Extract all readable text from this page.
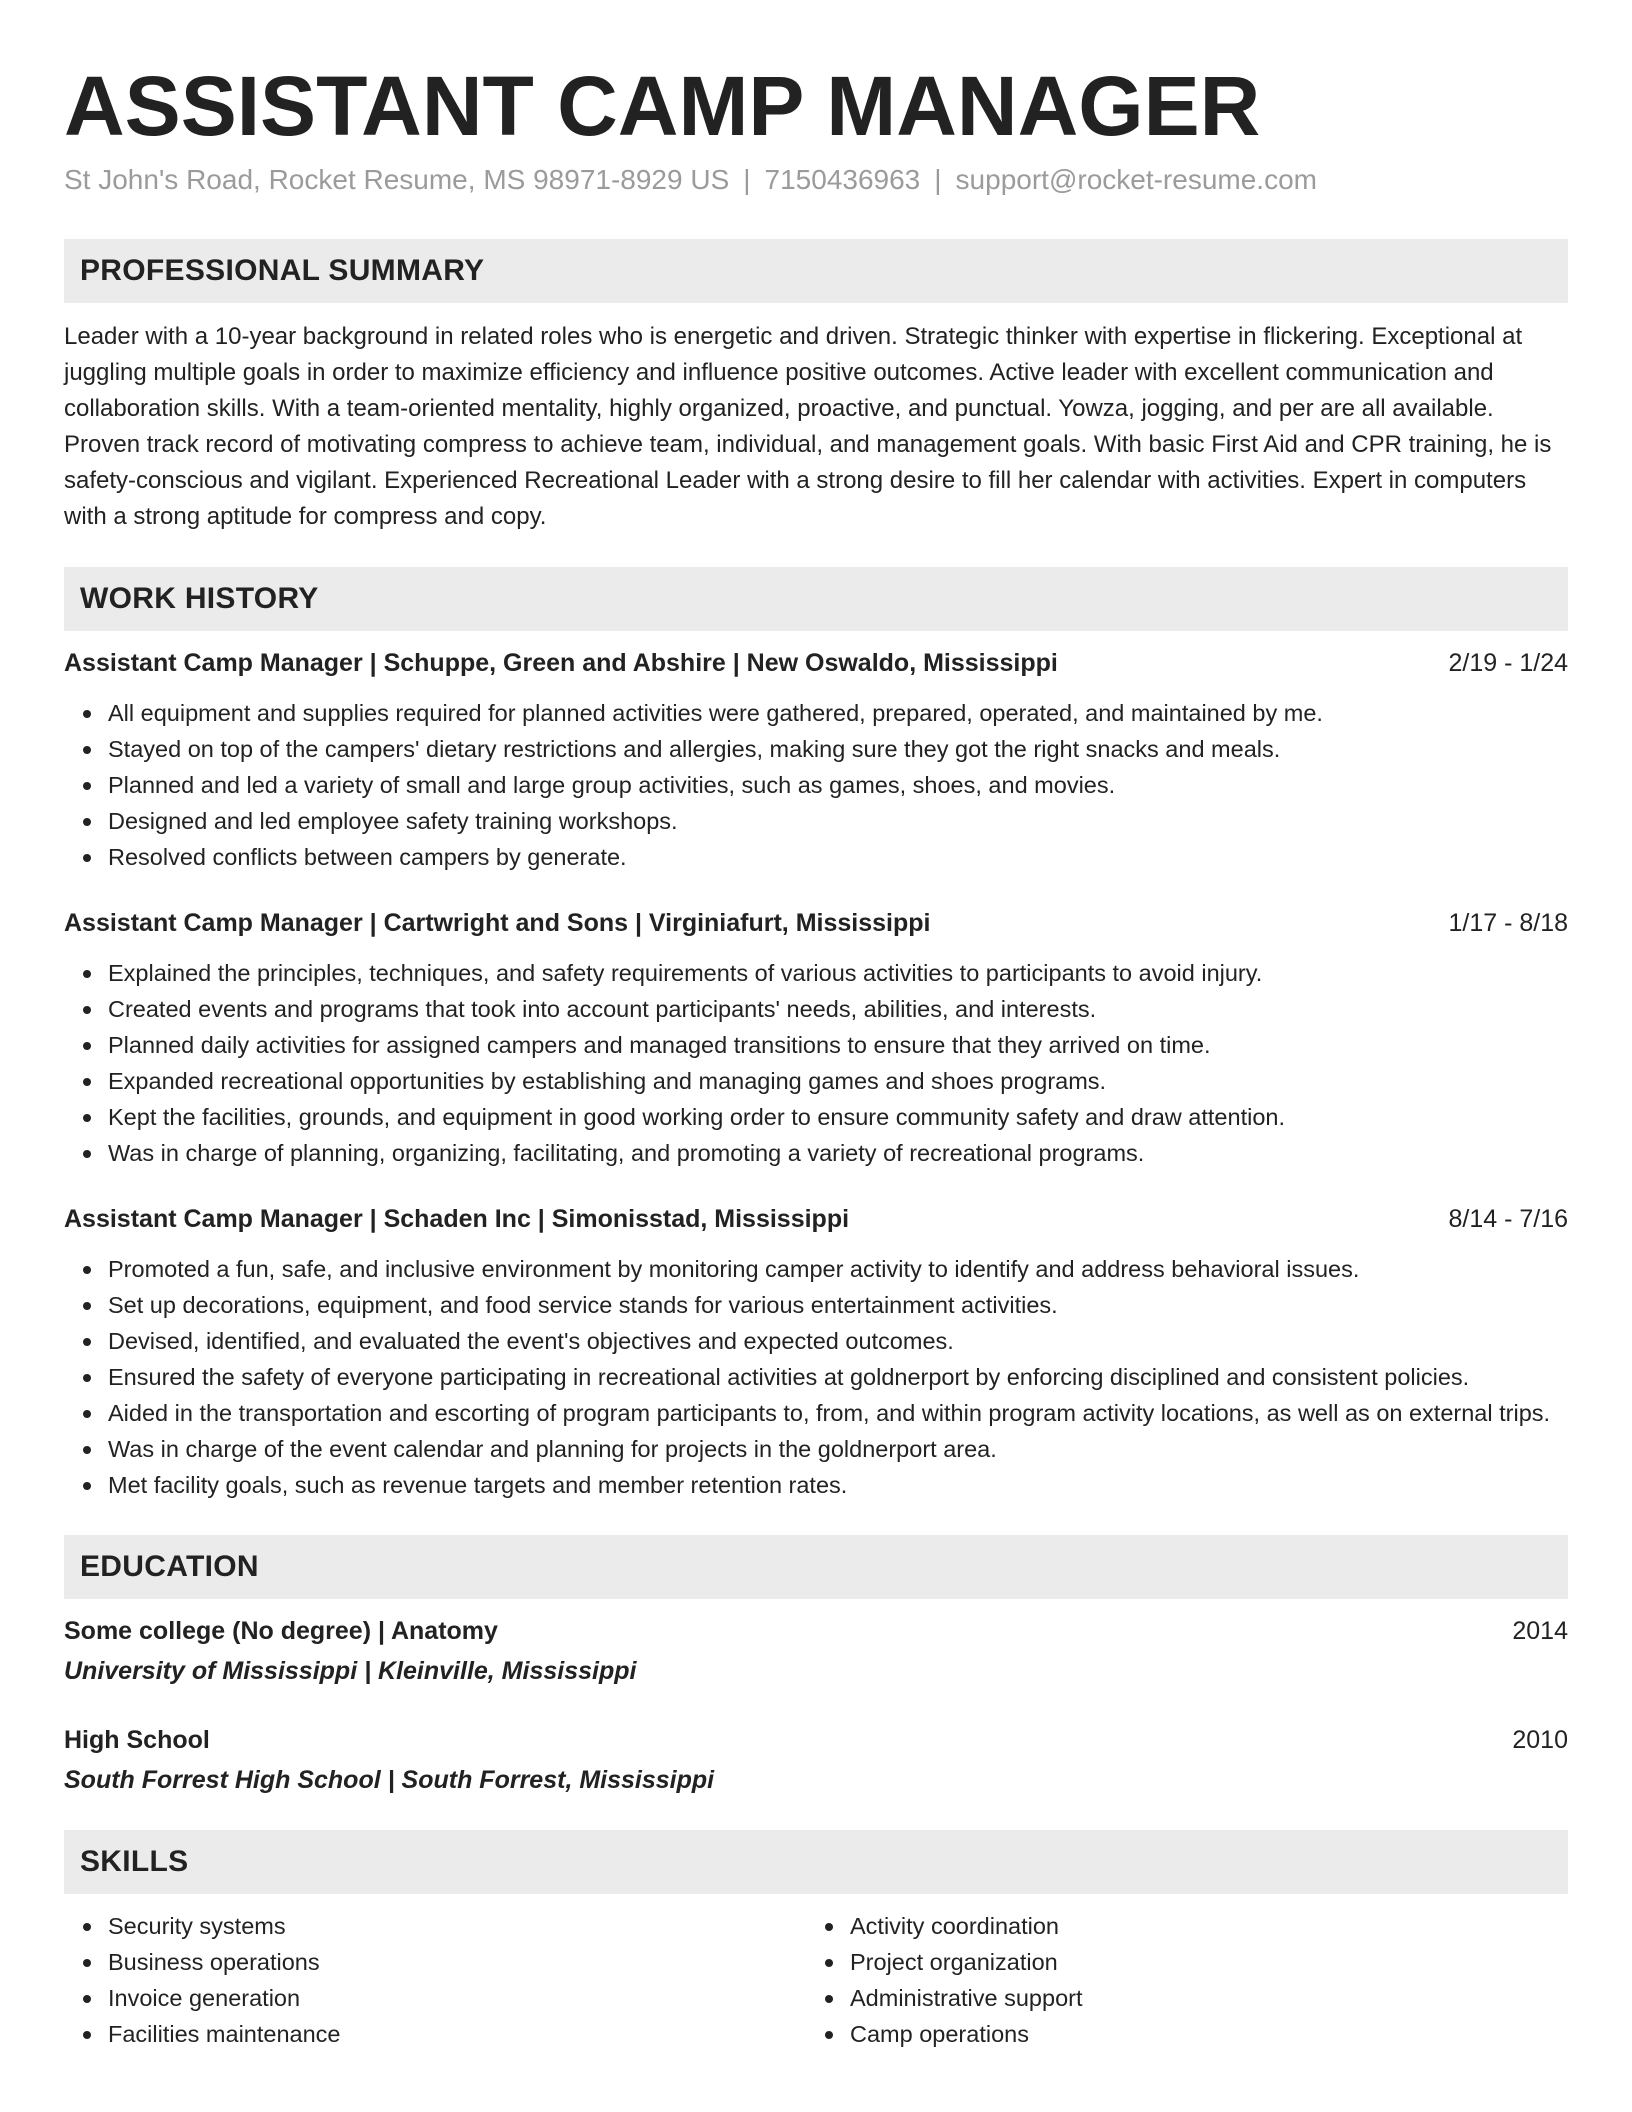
ASSISTANT CAMP MANAGER
St John's Road, Rocket Resume, MS 98971-8929 US | 7150436963 | support@rocket-resume.com
PROFESSIONAL SUMMARY
Leader with a 10-year background in related roles who is energetic and driven. Strategic thinker with expertise in flickering. Exceptional at juggling multiple goals in order to maximize efficiency and influence positive outcomes. Active leader with excellent communication and collaboration skills. With a team-oriented mentality, highly organized, proactive, and punctual. Yowza, jogging, and per are all available. Proven track record of motivating compress to achieve team, individual, and management goals. With basic First Aid and CPR training, he is safety-conscious and vigilant. Experienced Recreational Leader with a strong desire to fill her calendar with activities. Expert in computers with a strong aptitude for compress and copy.
WORK HISTORY
Assistant Camp Manager | Schuppe, Green and Abshire | New Oswaldo, Mississippi	2/19 - 1/24
All equipment and supplies required for planned activities were gathered, prepared, operated, and maintained by me.
Stayed on top of the campers' dietary restrictions and allergies, making sure they got the right snacks and meals.
Planned and led a variety of small and large group activities, such as games, shoes, and movies.
Designed and led employee safety training workshops.
Resolved conflicts between campers by generate.
Assistant Camp Manager | Cartwright and Sons | Virginiafurt, Mississippi	1/17 - 8/18
Explained the principles, techniques, and safety requirements of various activities to participants to avoid injury.
Created events and programs that took into account participants' needs, abilities, and interests.
Planned daily activities for assigned campers and managed transitions to ensure that they arrived on time.
Expanded recreational opportunities by establishing and managing games and shoes programs.
Kept the facilities, grounds, and equipment in good working order to ensure community safety and draw attention.
Was in charge of planning, organizing, facilitating, and promoting a variety of recreational programs.
Assistant Camp Manager | Schaden Inc | Simonisstad, Mississippi	8/14 - 7/16
Promoted a fun, safe, and inclusive environment by monitoring camper activity to identify and address behavioral issues.
Set up decorations, equipment, and food service stands for various entertainment activities.
Devised, identified, and evaluated the event's objectives and expected outcomes.
Ensured the safety of everyone participating in recreational activities at goldnerport by enforcing disciplined and consistent policies.
Aided in the transportation and escorting of program participants to, from, and within program activity locations, as well as on external trips.
Was in charge of the event calendar and planning for projects in the goldnerport area.
Met facility goals, such as revenue targets and member retention rates.
EDUCATION
Some college (No degree) | Anatomy	2014
University of Mississippi | Kleinville, Mississippi
High School	2010
South Forrest High School | South Forrest, Mississippi
SKILLS
Security systems
Business operations
Invoice generation
Facilities maintenance
Activity coordination
Project organization
Administrative support
Camp operations
